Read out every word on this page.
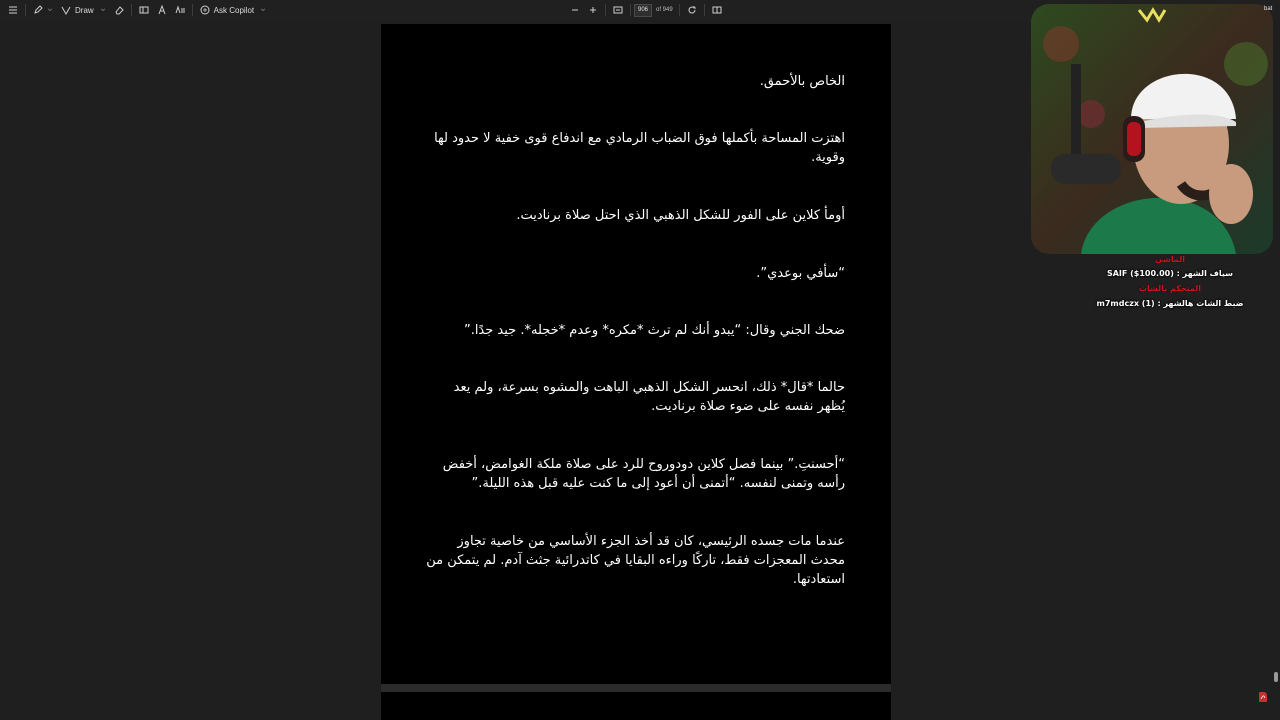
Draw	Ask Copilot	906	of 949

الخاص بالأحمق.

اهتزت المساحة بأكملها فوق الضباب الرمادي مع اندفاع قوى خفية لا حدود لها وقوية.

أومأ كلاين على الفور للشكل الذهبي الذي احتل صلاة برناديت.

“سأفي بوعدي”.

ضحك الجني وقال: “يبدو أنك لم ترث *مكره* وعدم *خجله*. جيد جدًا.”

حالما *قال* ذلك، انحسر الشكل الذهبي الباهت والمشوه بسرعة، ولم يعد يُظهر نفسه على ضوء صلاة برناديت.

“أحسنتِ.” بينما فصل كلاين دودوروح للرد على صلاة ملكة الغوامض، أخفض رأسه وتمنى لنفسه. “أتمنى أن أعود إلى ما كنت عليه قبل هذه الليلة.”

عندما مات جسده الرئيسي، كان قد أخذ الجزء الأساسي من خاصية تجاوز محدث المعجزات فقط، تاركًا وراءه البقايا في كاتدرائية جثث آدم. لم يتمكن من استعادتها.

bat
الماشي
سياف الشهر : SAIF ($100.00)
المتحكم بالشات
ضبط الشات هالشهر : m7mdczx (1)
